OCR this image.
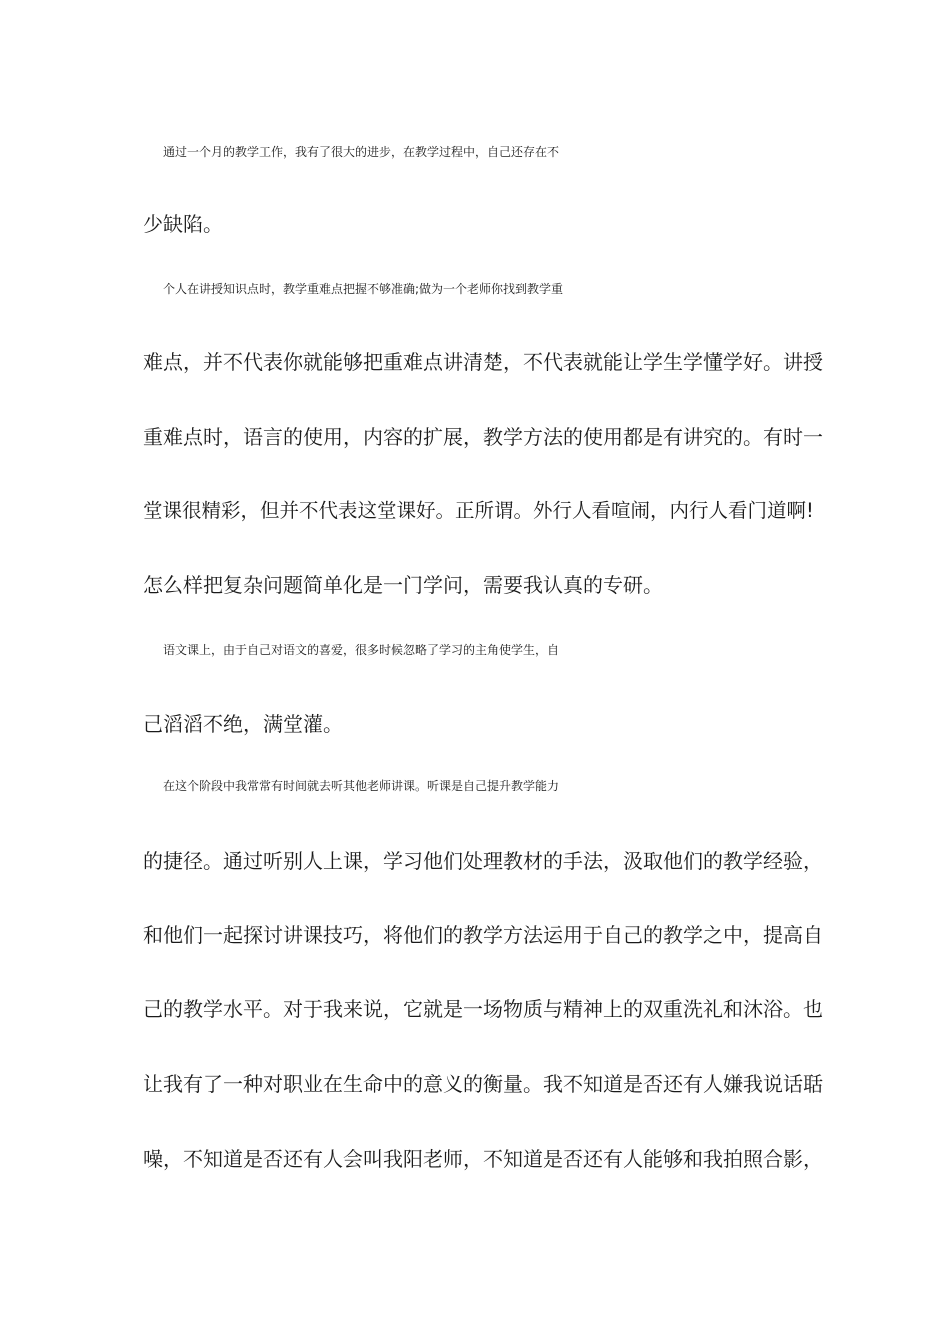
通过一个月的教学工作，我有了很大的进步，在教学过程中，自己还存在不
少缺陷。
个人在讲授知识点时，教学重难点把握不够准确;做为一个老师你找到教学重
难点，并不代表你就能够把重难点讲清楚，不代表就能让学生学懂学好。讲授
重难点时，语言的使用，内容的扩展，教学方法的使用都是有讲究的。有时一
堂课很精彩，但并不代表这堂课好。正所谓。外行人看喧闹，内行人看门道啊!
怎么样把复杂问题简单化是一门学问，需要我认真的专研。
语文课上，由于自己对语文的喜爱，很多时候忽略了学习的主角使学生，自
己滔滔不绝，满堂灌。
在这个阶段中我常常有时间就去听其他老师讲课。听课是自己提升教学能力
的捷径。通过听别人上课，学习他们处理教材的手法，汲取他们的教学经验，
和他们一起探讨讲课技巧，将他们的教学方法运用于自己的教学之中，提高自
己的教学水平。对于我来说，它就是一场物质与精神上的双重洗礼和沐浴。也
让我有了一种对职业在生命中的意义的衡量。我不知道是否还有人嫌我说话聒
噪，不知道是否还有人会叫我阳老师，不知道是否还有人能够和我拍照合影，
